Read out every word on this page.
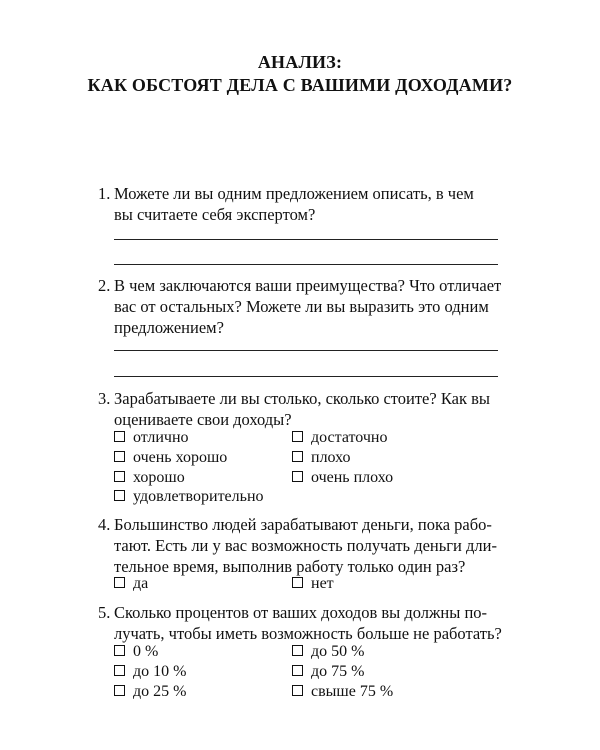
АНАЛИЗ:
КАК ОБСТОЯТ ДЕЛА С ВАШИМИ ДОХОДАМИ?
1. Можете ли вы одним предложением описать, в чем
вы считаете себя экспертом?
2. В чем заключаются ваши преимущества? Что отличает
вас от остальных? Можете ли вы выразить это одним
предложением?
3. Зарабатываете ли вы столько, сколько стоите? Как вы
оцениваете свои доходы?
отлично	достаточно
очень хорошо	плохо
хорошо	очень плохо
удовлетворительно
4. Большинство людей зарабатывают деньги, пока рабо-
тают. Есть ли у вас возможность получать деньги дли-
тельное время, выполнив работу только один раз?
да	нет
5. Сколько процентов от ваших доходов вы должны по-
лучать, чтобы иметь возможность больше не работать?
0 %	до 50 %
до 10 %	до 75 %
до 25 %	свыше 75 %
